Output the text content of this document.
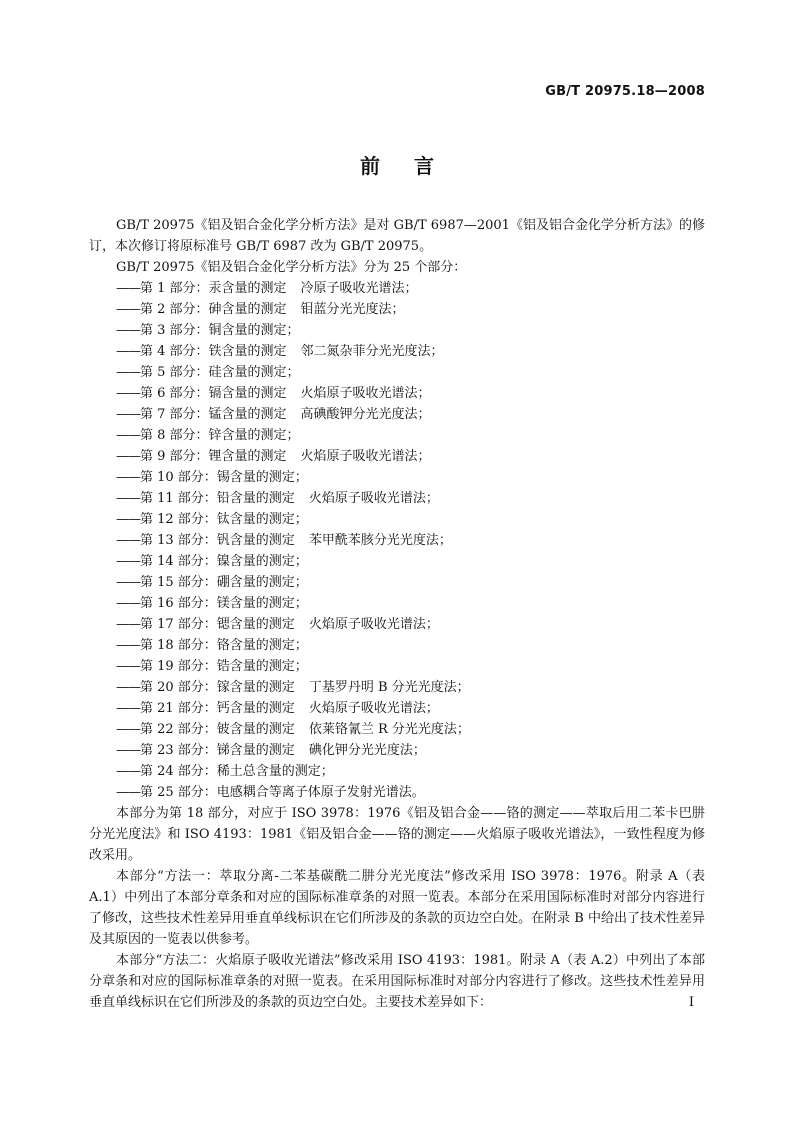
GB/T 20975.18—2008
前言

GB/T 20975《铝及铝合金化学分析方法》是对 GB/T 6987—2001《铝及铝合金化学分析方法》的修订，本次修订将原标准号 GB/T 6987 改为 GB/T 20975。

GB/T 20975《铝及铝合金化学分析方法》分为 25 个部分：

——第 1 部分：汞含量的测定 冷原子吸收光谱法；
——第 2 部分：砷含量的测定 钼蓝分光光度法；
——第 3 部分：铜含量的测定；
——第 4 部分：铁含量的测定 邻二氮杂菲分光光度法；
——第 5 部分：硅含量的测定；
——第 6 部分：镉含量的测定 火焰原子吸收光谱法；
——第 7 部分：锰含量的测定 高碘酸钾分光光度法；
——第 8 部分：锌含量的测定；
——第 9 部分：锂含量的测定 火焰原子吸收光谱法；
——第 10 部分：锡含量的测定；
——第 11 部分：铅含量的测定 火焰原子吸收光谱法；
——第 12 部分：钛含量的测定；
——第 13 部分：钒含量的测定 苯甲酰苯胲分光光度法；
——第 14 部分：镍含量的测定；
——第 15 部分：硼含量的测定；
——第 16 部分：镁含量的测定；
——第 17 部分：锶含量的测定 火焰原子吸收光谱法；
——第 18 部分：铬含量的测定；
——第 19 部分：锆含量的测定；
——第 20 部分：镓含量的测定 丁基罗丹明 B 分光光度法；
——第 21 部分：钙含量的测定 火焰原子吸收光谱法；
——第 22 部分：铍含量的测定 依莱铬氰兰 R 分光光度法；
——第 23 部分：锑含量的测定 碘化钾分光光度法；
——第 24 部分：稀土总含量的测定；
——第 25 部分：电感耦合等离子体原子发射光谱法。

本部分为第 18 部分，对应于 ISO 3978：1976《铝及铝合金——铬的测定——萃取后用二苯卡巴肼分光光度法》和 ISO 4193：1981《铝及铝合金——铬的测定——火焰原子吸收光谱法》，一致性程度为修改采用。

本部分“方法一：萃取分离-二苯基碳酰二肼分光光度法”修改采用 ISO 3978：1976。附录 A（表 A.1）中列出了本部分章条和对应的国际标准章条的对照一览表。本部分在采用国际标准时对部分内容进行了修改，这些技术性差异用垂直单线标识在它们所涉及的条款的页边空白处。在附录 B 中给出了技术性差异及其原因的一览表以供参考。

本部分“方法二：火焰原子吸收光谱法”修改采用 ISO 4193：1981。附录 A（表 A.2）中列出了本部分章条和对应的国际标准章条的对照一览表。在采用国际标准时对部分内容进行了修改。这些技术性差异用垂直单线标识在它们所涉及的条款的页边空白处。主要技术差异如下：	I
